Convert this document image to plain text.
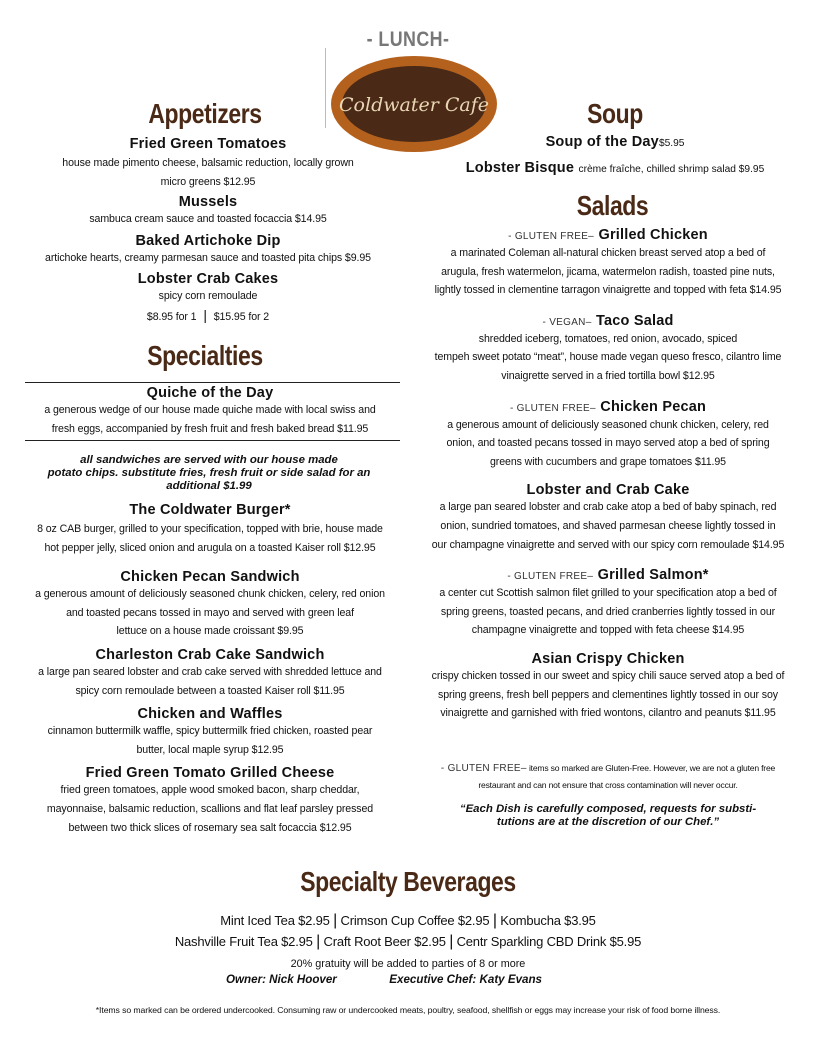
- LUNCH-
Coldwater Cafe
Appetizers
Fried Green Tomatoes
house made pimento cheese, balsamic reduction, locally grown
micro greens $12.95
Mussels
sambuca cream sauce and toasted focaccia $14.95
Baked Artichoke Dip
artichoke hearts, creamy parmesan sauce and toasted pita chips $9.95
Lobster Crab Cakes
spicy corn remoulade
$8.95 for 1 | $15.95 for 2
Specialties
Quiche of the Day
a generous wedge of our house made quiche made with local swiss and
fresh eggs, accompanied by fresh fruit and fresh baked bread $11.95
all sandwiches are served with our house made
potato chips. substitute fries, fresh fruit or side salad for an
additional $1.99
The Coldwater Burger*
8 oz CAB burger, grilled to your specification, topped with brie, house made
hot pepper jelly, sliced onion and arugula on a toasted Kaiser roll $12.95
Chicken Pecan Sandwich
a generous amount of deliciously seasoned chunk chicken, celery, red onion
and toasted pecans tossed in mayo and served with green leaf
lettuce on a house made croissant $9.95
Charleston Crab Cake Sandwich
a large pan seared lobster and crab cake served with shredded lettuce and
spicy corn remoulade between a toasted Kaiser roll $11.95
Chicken and Waffles
cinnamon buttermilk waffle, spicy buttermilk fried chicken, roasted pear
butter, local maple syrup $12.95
Fried Green Tomato Grilled Cheese
fried green tomatoes, apple wood smoked bacon, sharp cheddar,
mayonnaise, balsamic reduction, scallions and flat leaf parsley pressed
between two thick slices of rosemary sea salt focaccia $12.95
Soup
Soup of the Day$5.95
Lobster Bisque crème fraîche, chilled shrimp salad $9.95
Salads
- GLUTEN FREE– Grilled Chicken
a marinated Coleman all-natural chicken breast served atop a bed of
arugula, fresh watermelon, jicama, watermelon radish, toasted pine nuts,
lightly tossed in clementine tarragon vinaigrette and topped with feta $14.95
- VEGAN– Taco Salad
shredded iceberg, tomatoes, red onion, avocado, spiced
tempeh sweet potato “meat”, house made vegan queso fresco, cilantro lime
vinaigrette served in a fried tortilla bowl $12.95
- GLUTEN FREE– Chicken Pecan
a generous amount of deliciously seasoned chunk chicken, celery, red
onion, and toasted pecans tossed in mayo served atop a bed of spring
greens with cucumbers and grape tomatoes $11.95
Lobster and Crab Cake
a large pan seared lobster and crab cake atop a bed of baby spinach, red
onion, sundried tomatoes, and shaved parmesan cheese lightly tossed in
our champagne vinaigrette and served with our spicy corn remoulade $14.95
- GLUTEN FREE– Grilled Salmon*
a center cut Scottish salmon filet grilled to your specification atop a bed of
spring greens, toasted pecans, and dried cranberries lightly tossed in our
champagne vinaigrette and topped with feta cheese $14.95
Asian Crispy Chicken
crispy chicken tossed in our sweet and spicy chili sauce served atop a bed of
spring greens, fresh bell peppers and clementines lightly tossed in our soy
vinaigrette and garnished with fried wontons, cilantro and peanuts $11.95
- GLUTEN FREE– items so marked are Gluten-Free. However, we are not a gluten free
restaurant and can not ensure that cross contamination will never occur.
“Each Dish is carefully composed, requests for substi-
tutions are at the discretion of our Chef.”
Specialty Beverages
Mint Iced Tea $2.95 | Crimson Cup Coffee $2.95 | Kombucha $3.95
Nashville Fruit Tea $2.95 | Craft Root Beer $2.95 | Centr Sparkling CBD Drink $5.95
20% gratuity will be added to parties of 8 or more
Owner: Nick Hoover	Executive Chef: Katy Evans
*Items so marked can be ordered undercooked. Consuming raw or undercooked meats, poultry, seafood, shellfish or eggs may increase your risk of food borne illness.
